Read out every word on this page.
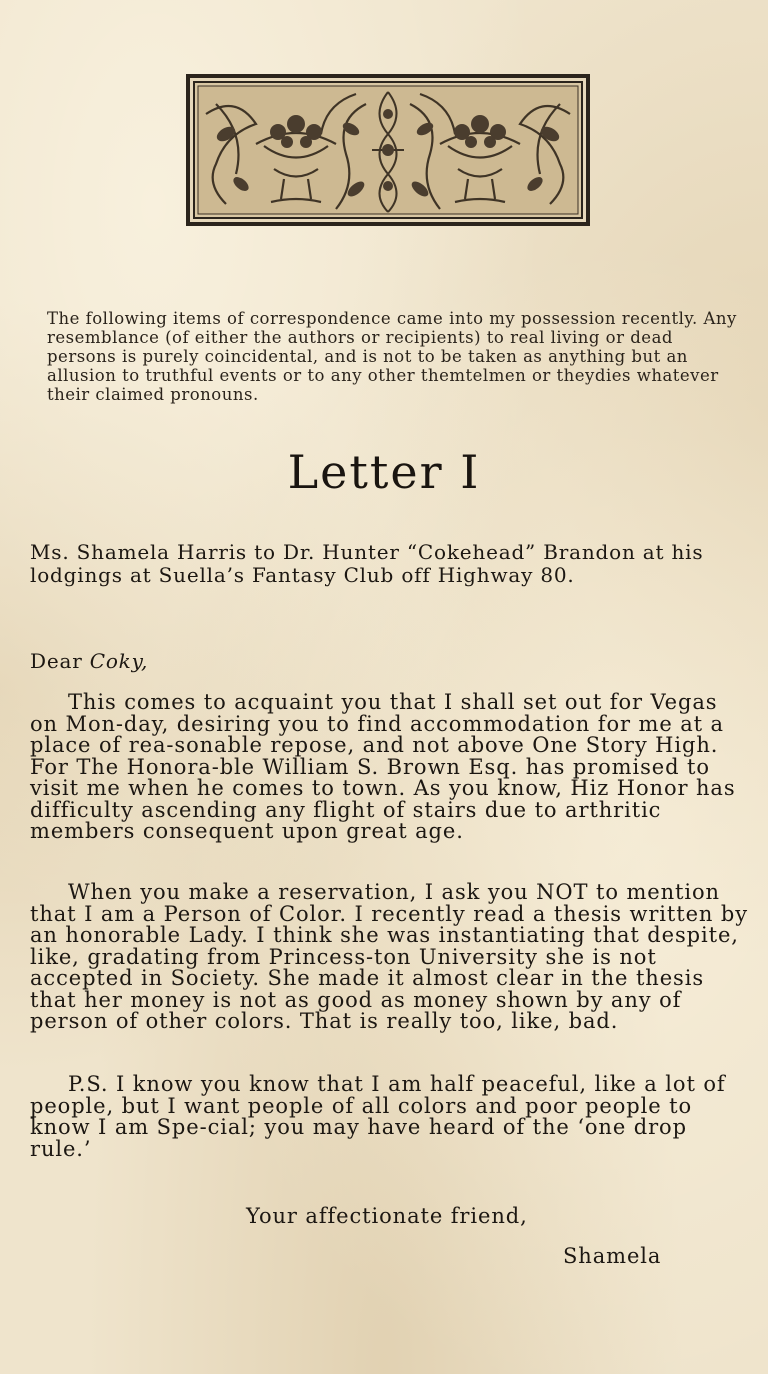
The following items of correspondence came into my possession recently. Any resemblance (of either the authors or recipients) to real living or dead persons is purely coincidental, and is not to be taken as anything but an allusion to truthful events or to any other themtelmen or theydies whatever their claimed pronouns.

Letter I

Ms. Shamela Harris to Dr. Hunter “Cokehead” Brandon at his lodgings at Suella’s Fantasy Club off Highway 80.

Dear Coky,

This comes to acquaint you that I shall set out for Vegas on Mon-day, desiring you to find accommodation for me at a place of rea-sonable repose, and not above One Story High. For The Honora-ble William S. Brown Esq. has promised to visit me when he comes to town. As you know, Hiz Honor has difficulty ascending any flight of stairs due to arthritic members consequent upon great age.

When you make a reservation, I ask you NOT to mention that I am a Person of Color. I recently read a thesis written by an honorable Lady. I think she was instantiating that despite, like, gradating from Princess-ton University she is not accepted in Society. She made it almost clear in the thesis that her money is not as good as money shown by any of person of other colors. That is really too, like, bad.

P.S. I know you know that I am half peaceful, like a lot of people, but I want people of all colors and poor people to know I am Spe-cial; you may have heard of the ‘one drop rule.’

Your affectionate friend,

Shamela
